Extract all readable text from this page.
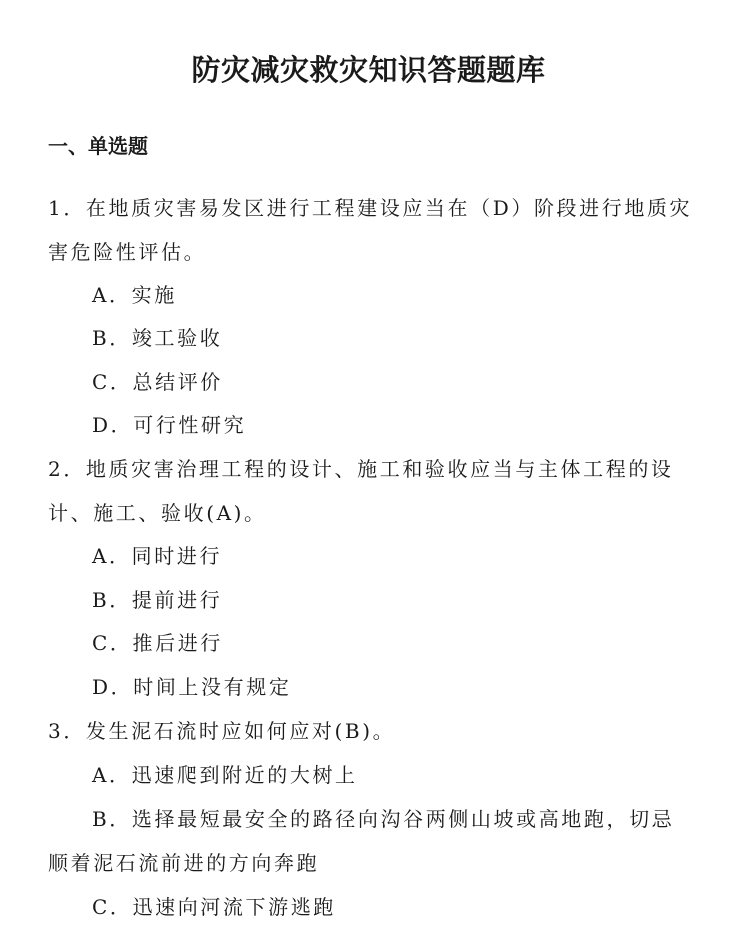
防灾减灾救灾知识答题题库
一、单选题
1．在地质灾害易发区进行工程建设应当在（D）阶段进行地质灾
害危险性评估。
A．实施
B．竣工验收
C．总结评价
D．可行性研究
2．地质灾害治理工程的设计、施工和验收应当与主体工程的设
计、施工、验收(A)。
A．同时进行
B．提前进行
C．推后进行
D．时间上没有规定
3．发生泥石流时应如何应对(B)。
A．迅速爬到附近的大树上
B．选择最短最安全的路径向沟谷两侧山坡或高地跑，切忌
顺着泥石流前进的方向奔跑
C．迅速向河流下游逃跑
